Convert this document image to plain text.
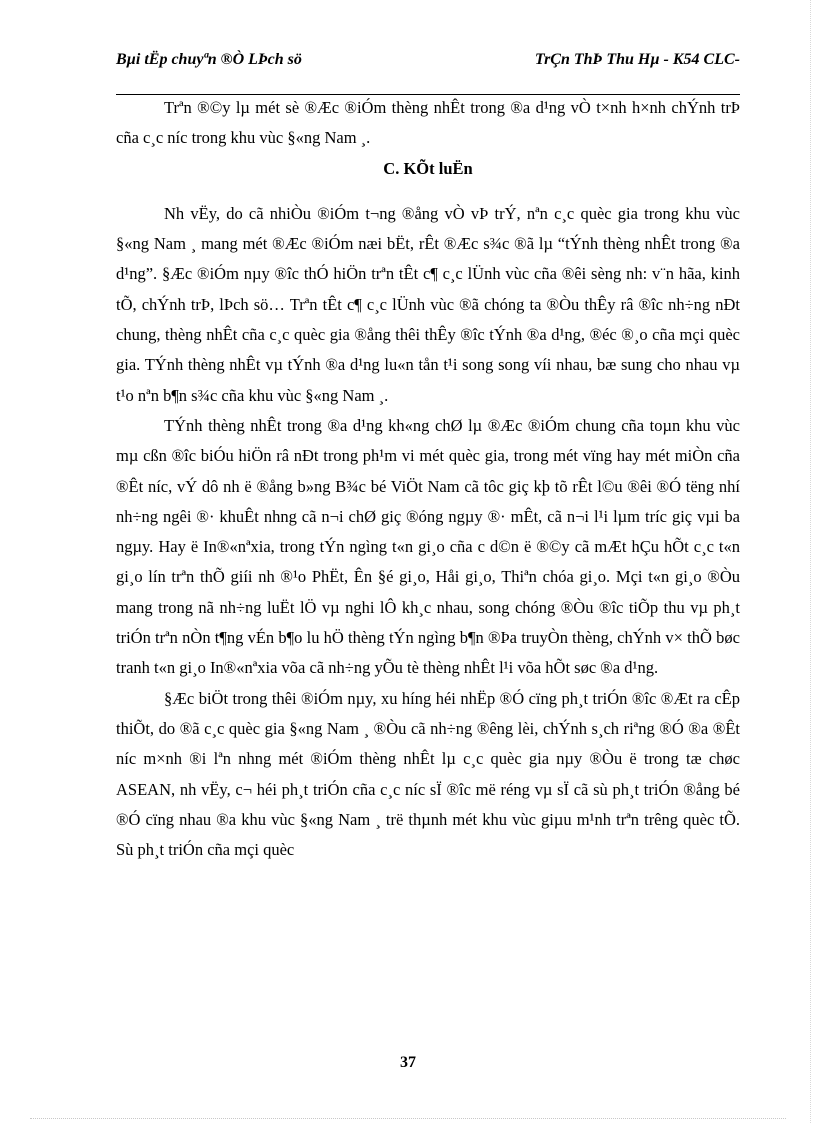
Bµi tËp chuyªn ®Ò LÞch sö	TrÇn ThÞ Thu Hµ - K54 CLC-

Trªn ®©y lµ mét sè ®Æc ®iÓm thèng nhÊt trong ®a d¹ng vÒ t×nh h×nh chÝnh trÞ cña c¸c níc trong khu vùc §«ng Nam ¸.

C. KÕt luËn

Nh vËy, do cã nhiÒu ®iÓm t¬ng ®ång vÒ vÞ trÝ, nªn c¸c quèc gia trong khu vùc §«ng Nam ¸ mang mét ®Æc ®iÓm næi bËt, rÊt ®Æc s¾c ®ã lµ “tÝnh thèng nhÊt trong ®a d¹ng”. §Æc ®iÓm nµy ®îc thÓ hiÖn trªn tÊt c¶ c¸c lÜnh vùc cña ®êi sèng nh: v¨n hãa, kinh tÕ, chÝnh trÞ, lÞch sö… Trªn tÊt c¶ c¸c lÜnh vùc ®ã chóng ta ®Òu thÊy râ ®îc nh÷ng nÐt chung, thèng nhÊt cña c¸c quèc gia ®ång thêi thÊy ®îc tÝnh ®a d¹ng, ®éc ®¸o cña mçi quèc gia. TÝnh thèng nhÊt vµ tÝnh ®a d¹ng lu«n tån t¹i song song víi nhau, bæ sung cho nhau vµ t¹o nªn b¶n s¾c cña khu vùc §«ng Nam ¸.

TÝnh thèng nhÊt trong ®a d¹ng kh«ng chØ lµ ®Æc ®iÓm chung cña toµn khu vùc mµ cßn ®îc biÓu hiÖn râ nÐt trong ph¹m vi mét quèc gia, trong mét vïng hay mét miÒn cña ®Êt níc, vÝ dô nh ë ®ång b»ng B¾c bé ViÖt Nam cã tôc giç kþ tõ rÊt l©u ®êi ®Ó tëng nhí nh÷ng ngêi ®· khuÊt nhng cã n¬i chØ giç ®óng ngµy ®· mÊt, cã n¬i l¹i lµm tríc giç vµi ba ngµy. Hay ë In®«nªxia, trong tÝn ngìng t«n gi¸o cña c d©n ë ®©y cã mÆt hÇu hÕt c¸c t«n gi¸o lín trªn thÕ giíi nh ®¹o PhËt, Ên §é gi¸o, Håi gi¸o, Thiªn chóa gi¸o. Mçi t«n gi¸o ®Òu mang trong nã nh÷ng luËt lÖ vµ nghi lÔ kh¸c nhau, song chóng ®Òu ®îc tiÕp thu vµ ph¸t triÓn trªn nÒn t¶ng vÉn b¶o lu hÖ thèng tÝn ngìng b¶n ®Þa truyÒn thèng, chÝnh v× thÕ bøc tranh t«n gi¸o In®«nªxia võa cã nh÷ng yÕu tè thèng nhÊt l¹i võa hÕt søc ®a d¹ng.

§Æc biÖt trong thêi ®iÓm nµy, xu híng héi nhËp ®Ó cïng ph¸t triÓn ®îc ®Æt ra cÊp thiÕt, do ®ã c¸c quèc gia §«ng Nam ¸ ®Òu cã nh÷ng ®êng lèi, chÝnh s¸ch riªng ®Ó ®a ®Êt níc m×nh ®i lªn nhng mét ®iÓm thèng nhÊt lµ c¸c quèc gia nµy ®Òu ë trong tæ chøc ASEAN, nh vËy, c¬ héi ph¸t triÓn cña c¸c níc sÏ ®îc më réng vµ sÏ cã sù ph¸t triÓn ®ång bé ®Ó cïng nhau ®a khu vùc §«ng Nam ¸ trë thµnh mét khu vùc giµu m¹nh trªn trêng quèc tÕ. Sù ph¸t triÓn cña mçi quèc

37
